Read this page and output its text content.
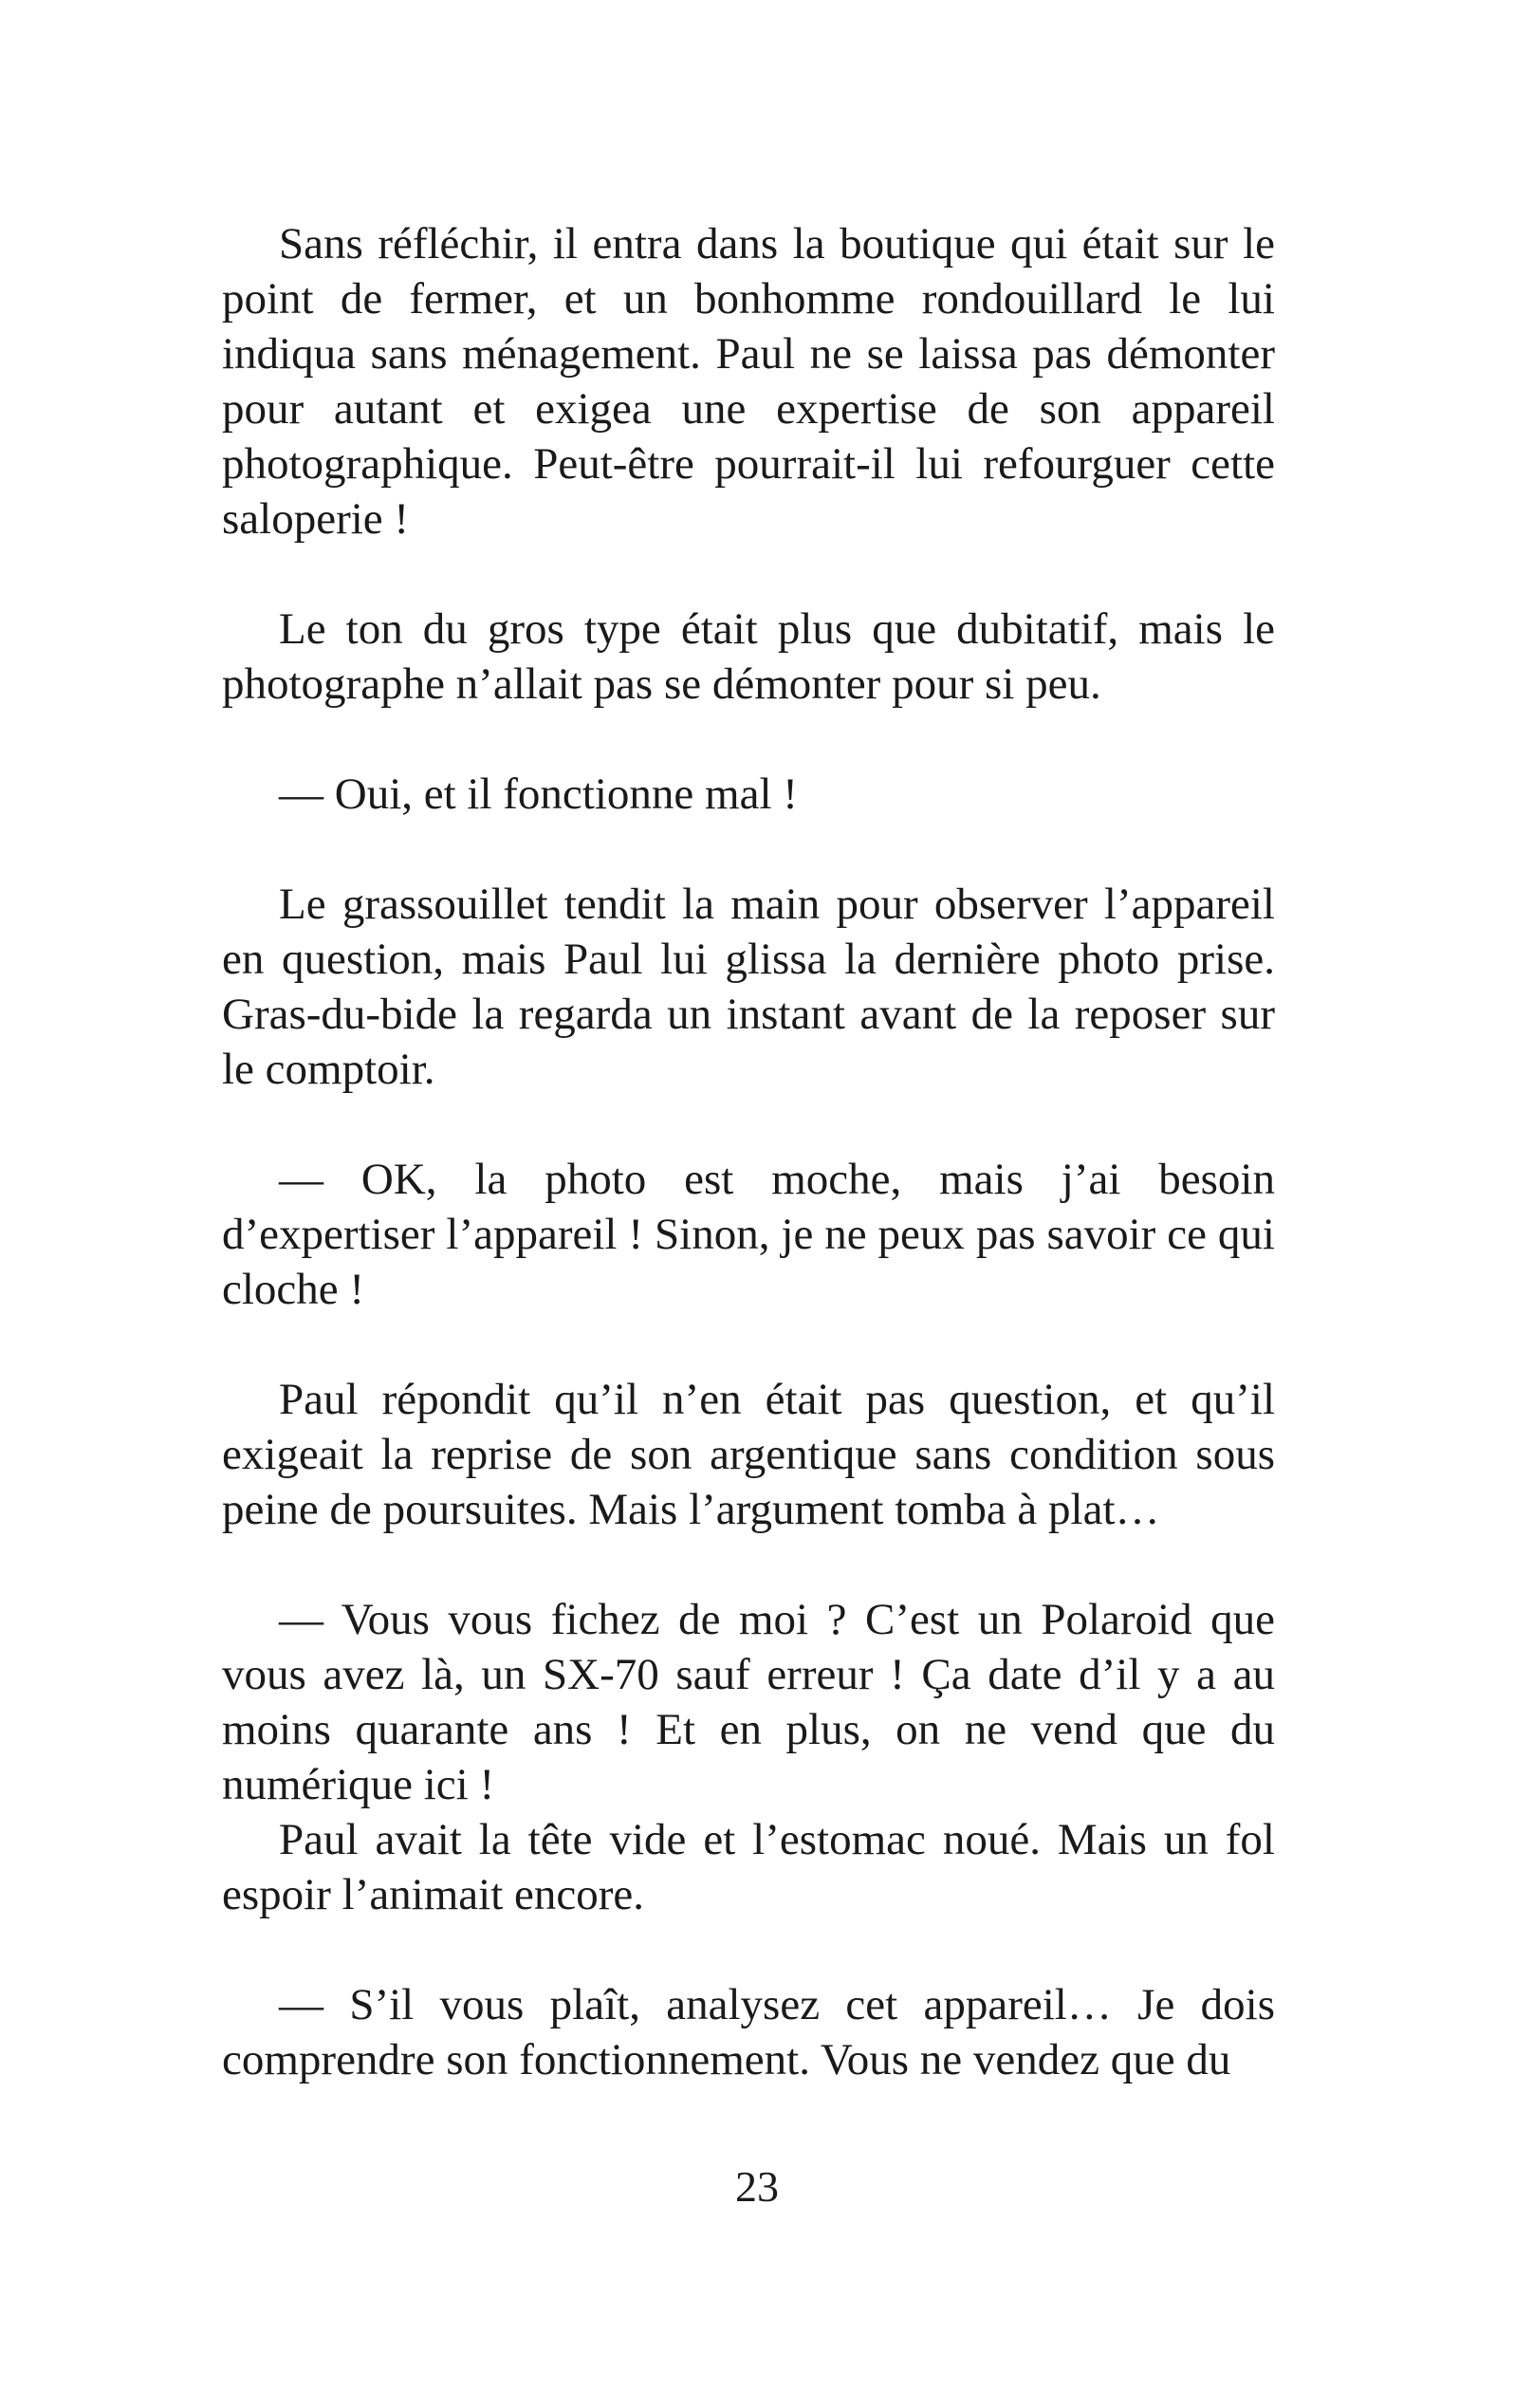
Sans réfléchir, il entra dans la boutique qui était sur le point de fermer, et un bonhomme rondouillard le lui indiqua sans ménagement. Paul ne se laissa pas démonter pour autant et exigea une expertise de son appareil photographique. Peut-être pourrait-il lui refourguer cette saloperie !

Le ton du gros type était plus que dubitatif, mais le photographe n’allait pas se démonter pour si peu.

— Oui, et il fonctionne mal !

Le grassouillet tendit la main pour observer l’appareil en question, mais Paul lui glissa la dernière photo prise. Gras-du-bide la regarda un instant avant de la reposer sur le comptoir.

— OK, la photo est moche, mais j’ai besoin d’expertiser l’appareil ! Sinon, je ne peux pas savoir ce qui cloche !

Paul répondit qu’il n’en était pas question, et qu’il exigeait la reprise de son argentique sans condition sous peine de poursuites. Mais l’argument tomba à plat…

— Vous vous fichez de moi ? C’est un Polaroid que vous avez là, un SX-70 sauf erreur ! Ça date d’il y a au moins quarante ans ! Et en plus, on ne vend que du numérique ici !

Paul avait la tête vide et l’estomac noué. Mais un fol espoir l’animait encore.

— S’il vous plaît, analysez cet appareil… Je dois comprendre son fonctionnement. Vous ne vendez que du

23
